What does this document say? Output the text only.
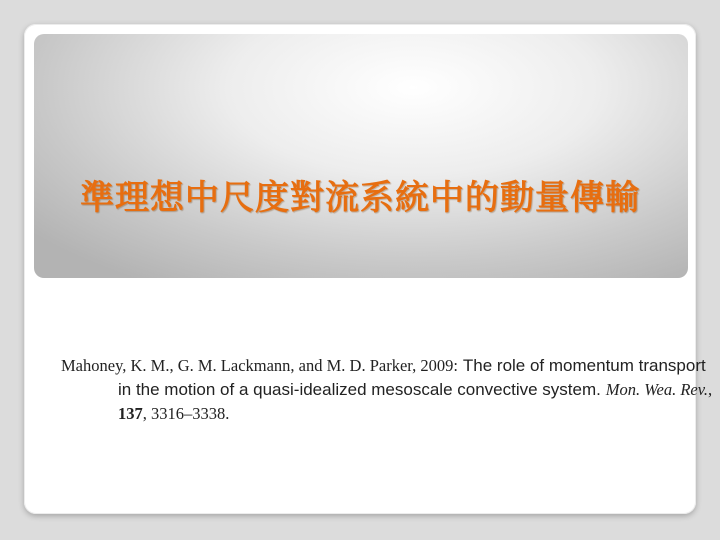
準理想中尺度對流系統中的動量傳輸

Mahoney, K. M., G. M. Lackmann, and M. D. Parker, 2009: The role of momentum transport in the motion of a quasi-idealized mesoscale convective system. Mon. Wea. Rev., 137, 3316–3338.
